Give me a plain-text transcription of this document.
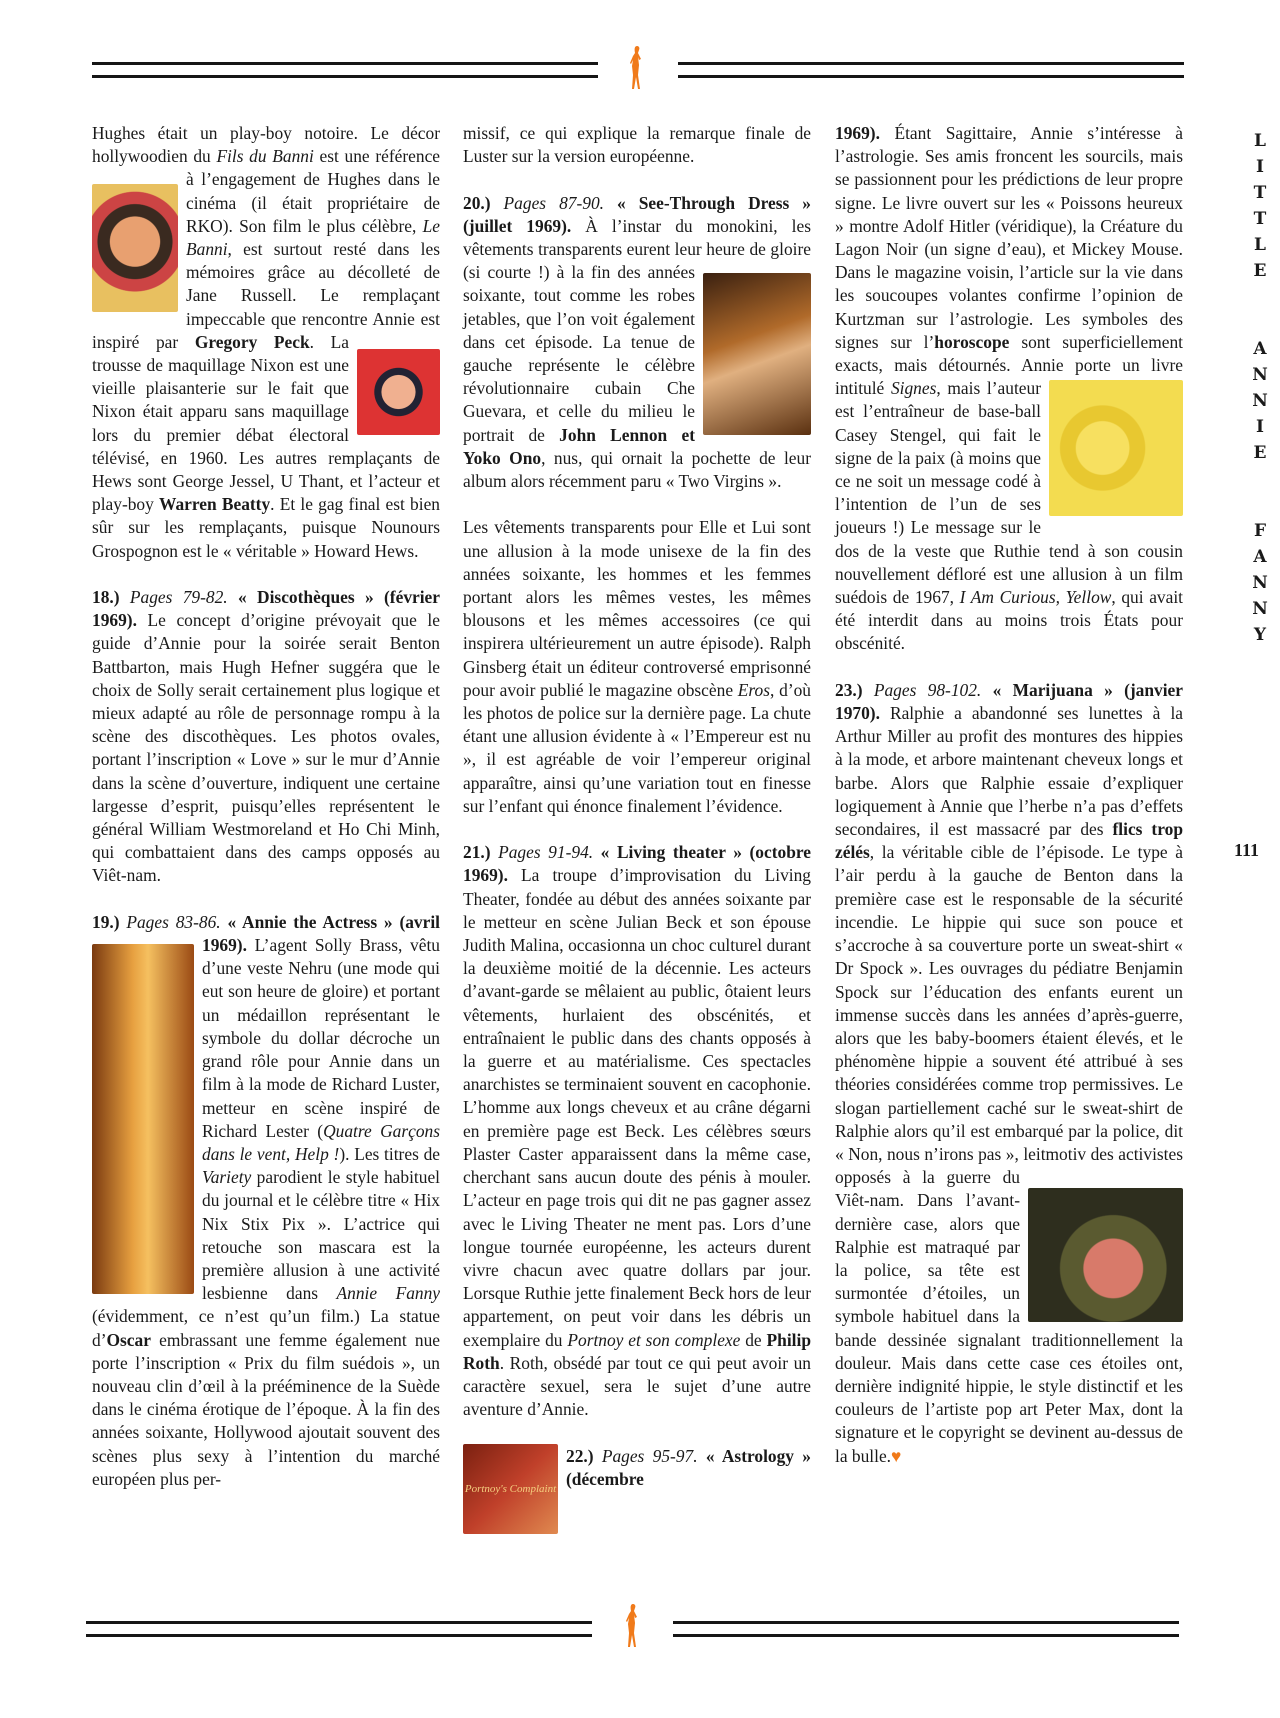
Hughes était un play-boy notoire. Le décor hollywoodien du Fils du Banni est une référence à l’engagement de Hughes dans le cinéma (il était propriétaire de RKO). Son film le plus célèbre, Le Banni, est surtout resté dans les mémoires grâce au décolleté de Jane Russell. Le remplaçant impeccable que rencontre Annie est inspiré par Gregory Peck. La trousse de maquillage Nixon est une vieille plaisanterie sur le fait que Nixon était apparu sans maquillage lors du premier débat électoral télévisé, en 1960. Les autres remplaçants de Hews sont George Jessel, U Thant, et l’acteur et play-boy Warren Beatty. Et le gag final est bien sûr sur les remplaçants, puisque Nounours Grospognon est le « véritable » Howard Hews.

18.) Pages 79-82. « Discothèques » (février 1969). Le concept d’origine prévoyait que le guide d’Annie pour la soirée serait Benton Battbarton, mais Hugh Hefner suggéra que le choix de Solly serait certainement plus logique et mieux adapté au rôle de personnage rompu à la scène des discothèques. Les photos ovales, portant l’inscription « Love » sur le mur d’Annie dans la scène d’ouverture, indiquent une certaine largesse d’esprit, puisqu’elles représentent le général William Westmoreland et Ho Chi Minh, qui combattaient dans des camps opposés au Viêt-nam.

19.) Pages 83-86. « Annie the Actress » (avril 1969). L’agent Solly Brass, vêtu d’une veste Nehru (une mode qui eut son heure de gloire) et portant un médaillon représentant le symbole du dollar décroche un grand rôle pour Annie dans un film à la mode de Richard Luster, metteur en scène inspiré de Richard Lester (Quatre Garçons dans le vent, Help !). Les titres de Variety parodient le style habituel du journal et le célèbre titre « Hix Nix Stix Pix ». L’actrice qui retouche son mascara est la première allusion à une activité lesbienne dans Annie Fanny (évidemment, ce n’est qu’un film.) La statue d’Oscar embrassant une femme également nue porte l’inscription « Prix du film suédois », un nouveau clin d’œil à la prééminence de la Suède dans le cinéma érotique de l’époque. À la fin des années soixante, Hollywood ajoutait souvent des scènes plus sexy à l’intention du marché européen plus per-

Portnoy's Complaint

missif, ce qui explique la remarque finale de Luster sur la version européenne.

20.) Pages 87-90. « See-Through Dress » (juillet 1969). À l’instar du monokini, les vêtements transparents eurent leur heure de gloire (si courte !) à la fin des années soixante, tout comme les robes jetables, que l’on voit également dans cet épisode. La tenue de gauche représente le célèbre révolutionnaire cubain Che Guevara, et celle du milieu le portrait de John Lennon et Yoko Ono, nus, qui ornait la pochette de leur album alors récemment paru « Two Virgins ».

Les vêtements transparents pour Elle et Lui sont une allusion à la mode unisexe de la fin des années soixante, les hommes et les femmes portant alors les mêmes vestes, les mêmes blousons et les mêmes accessoires (ce qui inspirera ultérieurement un autre épisode). Ralph Ginsberg était un éditeur controversé emprisonné pour avoir publié le magazine obscène Eros, d’où les photos de police sur la dernière page. La chute étant une allusion évidente à « l’Empereur est nu », il est agréable de voir l’empereur original apparaître, ainsi qu’une variation tout en finesse sur l’enfant qui énonce finalement l’évidence.

21.) Pages 91-94. « Living theater » (octobre 1969). La troupe d’improvisation du Living Theater, fondée au début des années soixante par le metteur en scène Julian Beck et son épouse Judith Malina, occasionna un choc culturel durant la deuxième moitié de la décennie. Les acteurs d’avant-garde se mêlaient au public, ôtaient leurs vêtements, hurlaient des obscénités, et entraînaient le public dans des chants opposés à la guerre et au matérialisme. Ces spectacles anarchistes se terminaient souvent en cacophonie. L’homme aux longs cheveux et au crâne dégarni en première page est Beck. Les célèbres sœurs Plaster Caster apparaissent dans la même case, cherchant sans aucun doute des pénis à mouler. L’acteur en page trois qui dit ne pas gagner assez avec le Living Theater ne ment pas. Lors d’une longue tournée européenne, les acteurs durent vivre chacun avec quatre dollars par jour. Lorsque Ruthie jette finalement Beck hors de leur appartement, on peut voir dans les débris un exemplaire du Portnoy et son complexe de Philip Roth. Roth, obsédé par tout ce qui peut avoir un caractère sexuel, sera le sujet d’une autre aventure d’Annie.

22.) Pages 95-97. « Astrology » (décembre

1969). Étant Sagittaire, Annie s’intéresse à l’astrologie. Ses amis froncent les sourcils, mais se passionnent pour les prédictions de leur propre signe. Le livre ouvert sur les « Poissons heureux » montre Adolf Hitler (véridique), la Créature du Lagon Noir (un signe d’eau), et Mickey Mouse. Dans le magazine voisin, l’article sur la vie dans les soucoupes volantes confirme l’opinion de Kurtzman sur l’astrologie. Les symboles des signes sur l’horoscope sont superficiellement exacts, mais détournés. Annie porte un livre intitulé Signes, mais l’auteur est l’entraîneur de base-ball Casey Stengel, qui fait le signe de la paix (à moins que ce ne soit un message codé à l’intention de l’un de ses joueurs !) Le message sur le dos de la veste que Ruthie tend à son cousin nouvellement défloré est une allusion à un film suédois de 1967, I Am Curious, Yellow, qui avait été interdit dans au moins trois États pour obscénité.

23.) Pages 98-102. « Marijuana » (janvier 1970). Ralphie a abandonné ses lunettes à la Arthur Miller au profit des montures des hippies à la mode, et arbore maintenant cheveux longs et barbe. Alors que Ralphie essaie d’expliquer logiquement à Annie que l’herbe n’a pas d’effets secondaires, il est massacré par des flics trop zélés, la véritable cible de l’épisode. Le type à l’air perdu à la gauche de Benton dans la première case est le responsable de la sécurité incendie. Le hippie qui suce son pouce et s’accroche à sa couverture porte un sweat-shirt « Dr Spock ». Les ouvrages du pédiatre Benjamin Spock sur l’éducation des enfants eurent un immense succès dans les années d’après-guerre, alors que les baby-boomers étaient élevés, et le phénomène hippie a souvent été attribué à ses théories considérées comme trop permissives. Le slogan partiellement caché sur le sweat-shirt de Ralphie alors qu’il est embarqué par la police, dit « Non, nous n’irons pas », leitmotiv des activistes opposés à la guerre du Viêt-nam. Dans l’avant-dernière case, alors que Ralphie est matraqué par la police, sa tête est surmontée d’étoiles, un symbole habituel dans la bande dessinée signalant traditionnellement la douleur. Mais dans cette case ces étoiles ont, dernière indignité hippie, le style distinctif et les couleurs de l’artiste pop art Peter Max, dont la signature et le copyright se devinent au-dessus de la bulle.♥

L
I
T
T
L
E

A
N
N
I
E

F
A
N
N
Y
111
